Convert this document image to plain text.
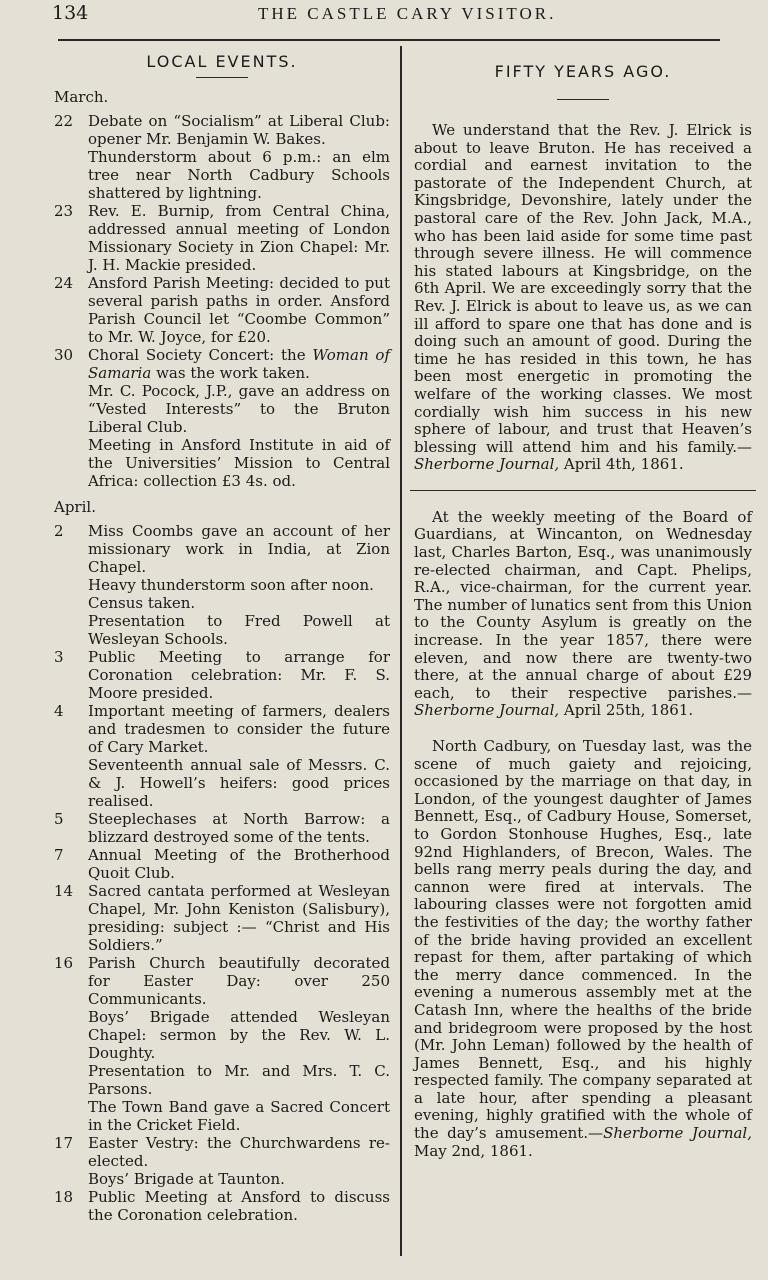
134	THE CASTLE CARY VISITOR.
LOCAL EVENTS.
March.
22 Debate on “Socialism” at Liberal Club: opener Mr. Benjamin W. Bakes.
Thunderstorm about 6 p.m.: an elm tree near North Cadbury Schools shattered by lightning.
23 Rev. E. Burnip, from Central China, addressed annual meeting of London Missionary Society in Zion Chapel: Mr. J. H. Mackie presided.
24 Ansford Parish Meeting: decided to put several parish paths in order. Ansford Parish Council let “Coombe Common” to Mr. W. Joyce, for £20.
30 Choral Society Concert: the Woman of Samaria was the work taken.
Mr. C. Pocock, J.P., gave an address on “Vested Interests” to the Bruton Liberal Club.
Meeting in Ansford Institute in aid of the Universities’ Mission to Central Africa: collection £3 4s. od.
April.
2	Miss Coombs gave an account of her missionary work in India, at Zion Chapel.
Heavy thunderstorm soon after noon.
Census taken.
Presentation to Fred Powell at Wesleyan Schools.
3	Public Meeting to arrange for Coronation celebration: Mr. F. S. Moore presided.
4	Important meeting of farmers, dealers and tradesmen to consider the future of Cary Market.
Seventeenth annual sale of Messrs. C. & J. Howell’s heifers: good prices realised.
5	Steeplechases at North Barrow: a blizzard destroyed some of the tents.
7	Annual Meeting of the Brotherhood Quoit Club.
14 Sacred cantata performed at Wesleyan Chapel, Mr. John Keniston (Salisbury), presiding: subject :— “Christ and His Soldiers.”
16 Parish Church beautifully decorated for Easter Day: over 250 Communicants.
Boys’ Brigade attended Wesleyan Chapel: sermon by the Rev. W. L. Doughty.
Presentation to Mr. and Mrs. T. C. Parsons.
The Town Band gave a Sacred Concert in the Cricket Field.
17 Easter Vestry: the Churchwardens re-elected.
Boys’ Brigade at Taunton.
18 Public Meeting at Ansford to discuss the Coronation celebration.
FIFTY YEARS AGO.

We understand that the Rev. J. Elrick is about to leave Bruton. He has received a cordial and earnest invitation to the pastorate of the Independent Church, at Kingsbridge, Devonshire, lately under the pastoral care of the Rev. John Jack, M.A., who has been laid aside for some time past through severe illness. He will commence his stated labours at Kingsbridge, on the 6th April. We are exceedingly sorry that the Rev. J. Elrick is about to leave us, as we can ill afford to spare one that has done and is doing such an amount of good. During the time he has resided in this town, he has been most energetic in promoting the welfare of the working classes. We most cordially wish him success in his new sphere of labour, and trust that Heaven’s blessing will attend him and his family.—Sherborne Journal, April 4th, 1861.

At the weekly meeting of the Board of Guardians, at Wincanton, on Wednesday last, Charles Barton, Esq., was unanimously re-elected chairman, and Capt. Phelips, R.A., vice-chairman, for the current year. The number of lunatics sent from this Union to the County Asylum is greatly on the increase. In the year 1857, there were eleven, and now there are twenty-two there, at the annual charge of about £29 each, to their respective parishes.—Sherborne Journal, April 25th, 1861.

North Cadbury, on Tuesday last, was the scene of much gaiety and rejoicing, occasioned by the marriage on that day, in London, of the youngest daughter of James Bennett, Esq., of Cadbury House, Somerset, to Gordon Stonhouse Hughes, Esq., late 92nd Highlanders, of Brecon, Wales. The bells rang merry peals during the day, and cannon were fired at intervals. The labouring classes were not forgotten amid the festivities of the day; the worthy father of the bride having provided an excellent repast for them, after partaking of which the merry dance commenced. In the evening a numerous assembly met at the Catash Inn, where the healths of the bride and bridegroom were proposed by the host (Mr. John Leman) followed by the health of James Bennett, Esq., and his highly respected family. The company separated at a late hour, after spending a pleasant evening, highly gratified with the whole of the day’s amusement.—Sherborne Journal, May 2nd, 1861.
